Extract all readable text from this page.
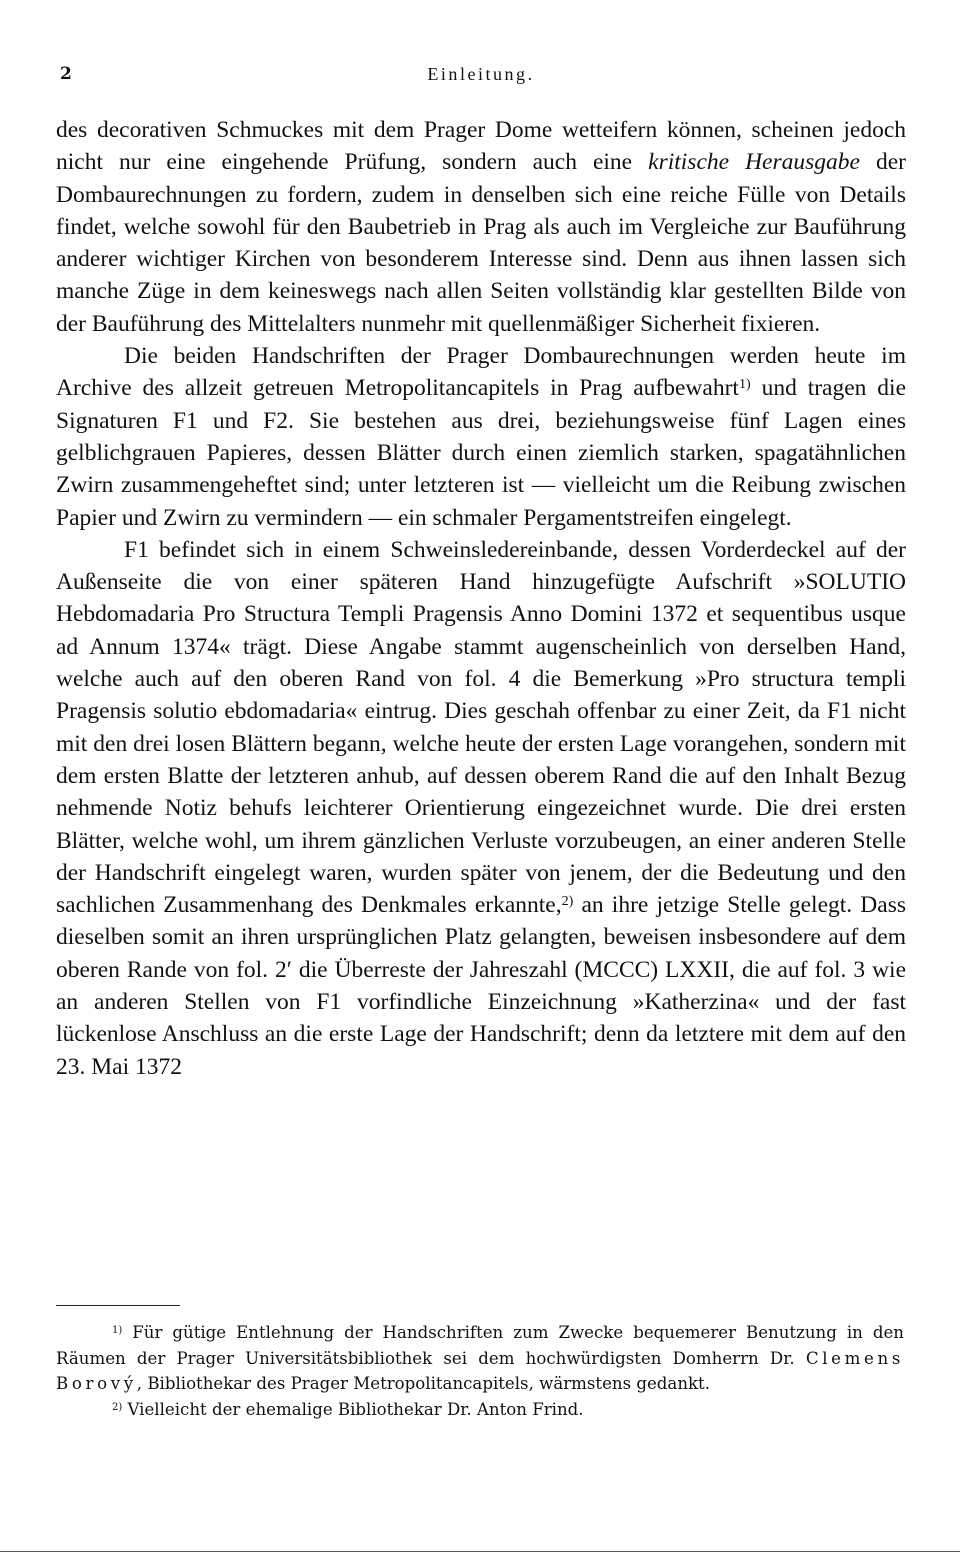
2	Einleitung.

des decorativen Schmuckes mit dem Prager Dome wetteifern können, scheinen jedoch nicht nur eine eingehende Prüfung, sondern auch eine kritische Herausgabe der Dombaurechnungen zu fordern, zudem in denselben sich eine reiche Fülle von Details findet, welche sowohl für den Baubetrieb in Prag als auch im Vergleiche zur Bauführung anderer wichtiger Kirchen von besonderem Interesse sind. Denn aus ihnen lassen sich manche Züge in dem keineswegs nach allen Seiten vollständig klar gestellten Bilde von der Bauführung des Mittelalters nunmehr mit quellenmäßiger Sicherheit fixieren.

Die beiden Handschriften der Prager Dombaurechnungen werden heute im Archive des allzeit getreuen Metropolitancapitels in Prag aufbewahrt$^{1)}$ und tragen die Signaturen F1 und F2. Sie bestehen aus drei, beziehungsweise fünf Lagen eines gelblichgrauen Papieres, dessen Blätter durch einen ziemlich starken, spagatähnlichen Zwirn zusammengeheftet sind; unter letzteren ist — vielleicht um die Reibung zwischen Papier und Zwirn zu vermindern — ein schmaler Pergamentstreifen eingelegt.

F1 befindet sich in einem Schweinsledereinbande, dessen Vorderdeckel auf der Außenseite die von einer späteren Hand hinzugefügte Aufschrift »SOLUTIO Hebdomadaria Pro Structura Templi Pragensis Anno Domini 1372 et sequentibus usque ad Annum 1374« trägt. Diese Angabe stammt augenscheinlich von derselben Hand, welche auch auf den oberen Rand von fol. 4 die Bemerkung »Pro structura templi Pragensis solutio ebdomadaria« eintrug. Dies geschah offenbar zu einer Zeit, da F1 nicht mit den drei losen Blättern begann, welche heute der ersten Lage vorangehen, sondern mit dem ersten Blatte der letzteren anhub, auf dessen oberem Rand die auf den Inhalt Bezug nehmende Notiz behufs leichterer Orientierung eingezeichnet wurde. Die drei ersten Blätter, welche wohl, um ihrem gänzlichen Verluste vorzubeugen, an einer anderen Stelle der Handschrift eingelegt waren, wurden später von jenem, der die Bedeutung und den sachlichen Zusammenhang des Denkmales erkannte,$^{2)}$ an ihre jetzige Stelle gelegt. Dass dieselben somit an ihren ursprünglichen Platz gelangten, beweisen insbesondere auf dem oberen Rande von fol. 2′ die Überreste der Jahreszahl (MCCC) LXXII, die auf fol. 3 wie an anderen Stellen von F1 vorfindliche Einzeichnung »Katherzina« und der fast lückenlose Anschluss an die erste Lage der Handschrift; denn da letztere mit dem auf den 23. Mai 1372

$^{1)}$ Für gütige Entlehnung der Handschriften zum Zwecke bequemerer Benutzung in den Räumen der Prager Universitätsbibliothek sei dem hochwürdigsten Domherrn Dr. Clemens Borový, Bibliothekar des Prager Metropolitancapitels, wärmstens gedankt.

$^{2)}$ Vielleicht der ehemalige Bibliothekar Dr. Anton Frind.
